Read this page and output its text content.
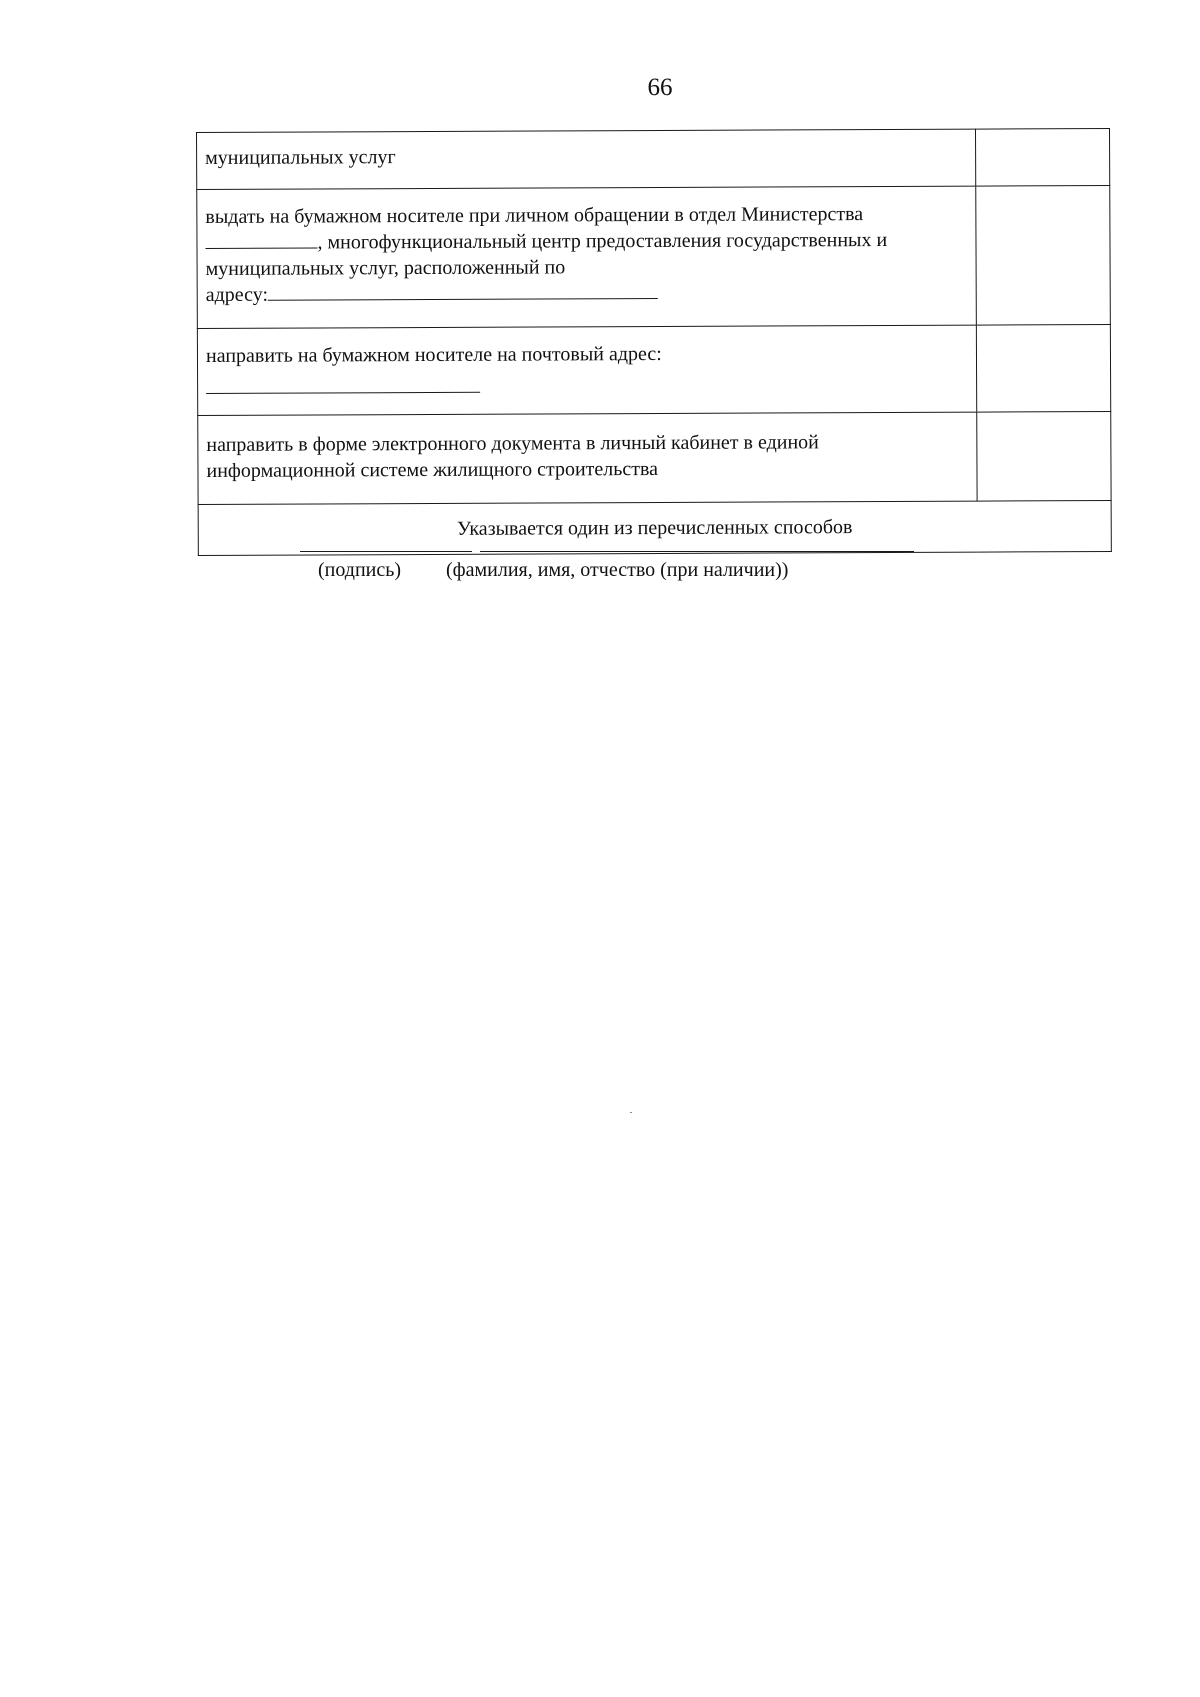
66
муниципальных услуг	

выдать на бумажном носителе при личном обращении в отдел Министерства
, многофункциональный центр предоставления государственных и
муниципальных услуг, расположенный по
адресу:	

направить на бумажном носителе на почтовый адрес:	

направить в форме электронного документа в личный кабинет в единой
информационной системе жилищного строительства	

Указывается один из перечисленных способов	
(подпись) (фамилия, имя, отчество (при наличии))
